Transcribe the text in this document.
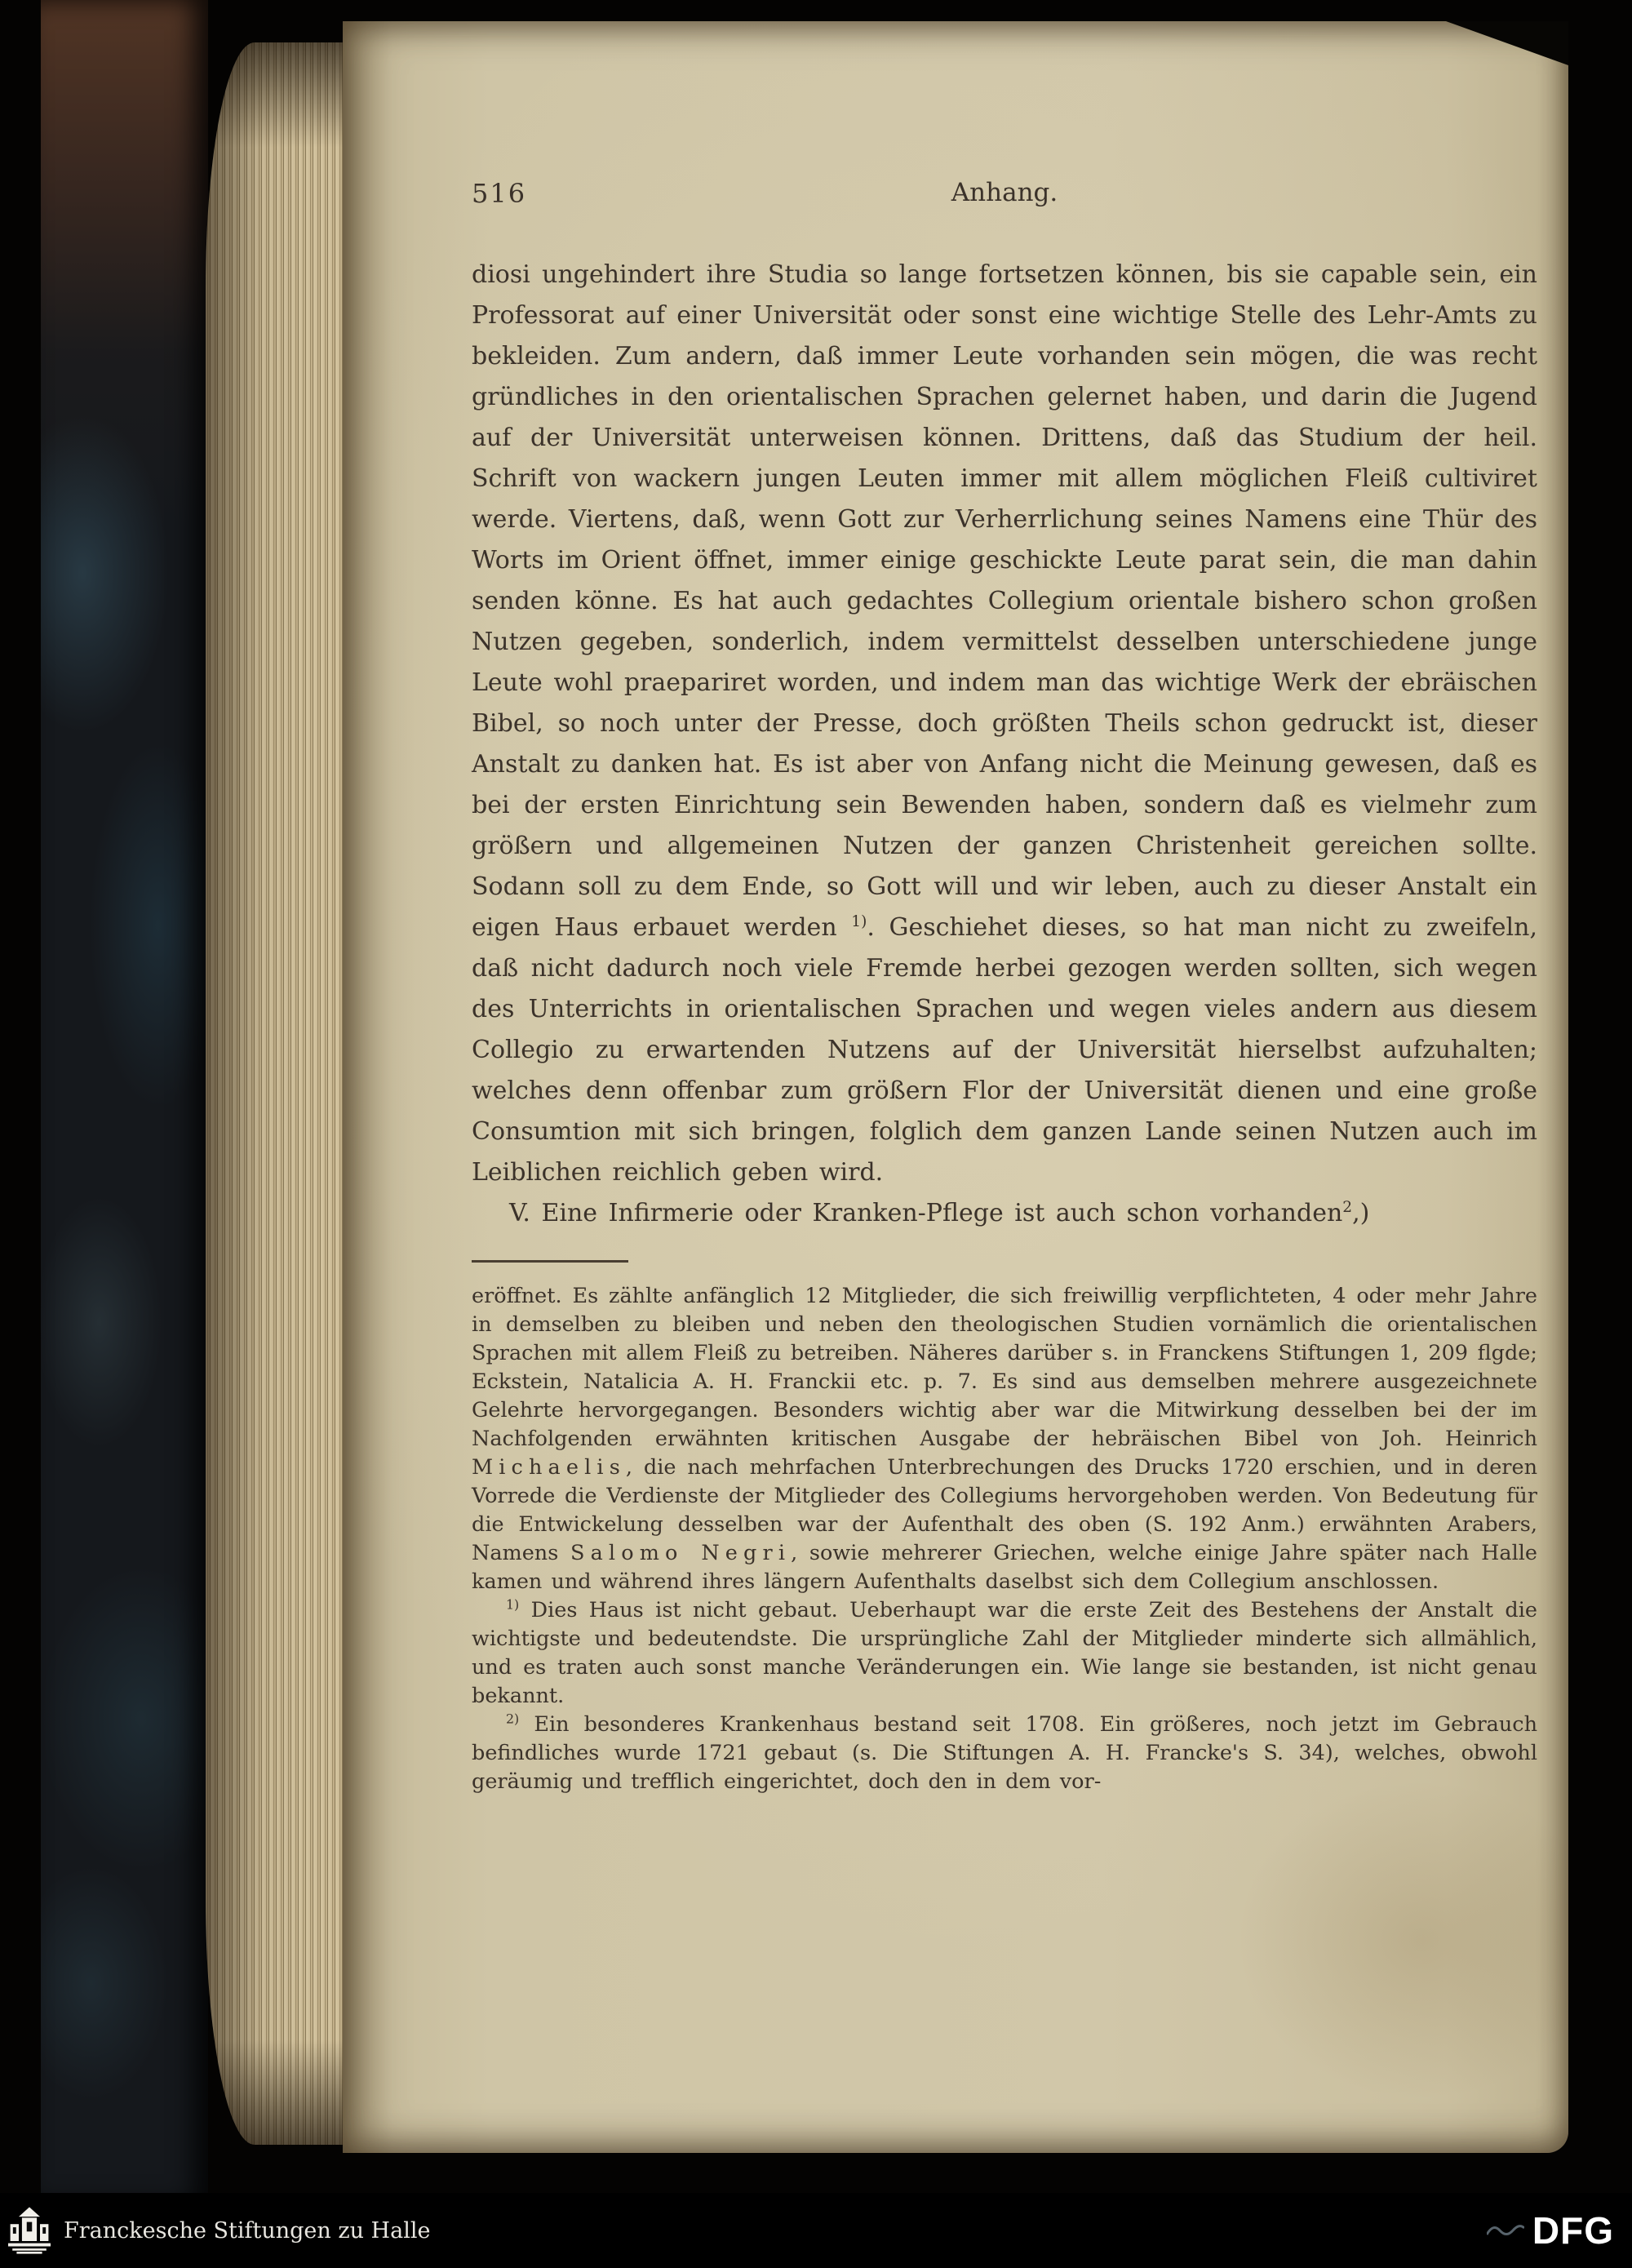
516	Anhang.

diosi ungehindert ihre Studia so lange fortsetzen können, bis sie capable sein, ein Professorat auf einer Universität oder sonst eine wichtige Stelle des Lehr-Amts zu bekleiden. Zum andern, daß immer Leute vorhanden sein mögen, die was recht gründliches in den orientalischen Sprachen gelernet haben, und darin die Jugend auf der Universität unterweisen können. Drittens, daß das Studium der heil. Schrift von wackern jungen Leuten immer mit allem möglichen Fleiß cultiviret werde. Viertens, daß, wenn Gott zur Verherrlichung seines Namens eine Thür des Worts im Orient öffnet, immer einige geschickte Leute parat sein, die man dahin senden könne. Es hat auch gedachtes Collegium orientale bishero schon großen Nutzen gegeben, sonderlich, indem vermittelst desselben unterschiedene junge Leute wohl praepariret worden, und indem man das wichtige Werk der ebräischen Bibel, so noch unter der Presse, doch größten Theils schon gedruckt ist, dieser Anstalt zu danken hat. Es ist aber von Anfang nicht die Meinung gewesen, daß es bei der ersten Einrichtung sein Bewenden haben, sondern daß es vielmehr zum größern und allgemeinen Nutzen der ganzen Christenheit gereichen sollte. Sodann soll zu dem Ende, so Gott will und wir leben, auch zu dieser Anstalt ein eigen Haus erbauet werden $^{1)}$. Geschiehet dieses, so hat man nicht zu zweifeln, daß nicht dadurch noch viele Fremde herbei gezogen werden sollten, sich wegen des Unterrichts in orientalischen Sprachen und wegen vieles andern aus diesem Collegio zu erwartenden Nutzens auf der Universität hierselbst aufzuhalten; welches denn offenbar zum größern Flor der Universität dienen und eine große Consumtion mit sich bringen, folglich dem ganzen Lande seinen Nutzen auch im Leiblichen reichlich geben wird.

V. Eine Infirmerie oder Kranken-Pflege ist auch schon vorhanden$^2$,)

eröffnet. Es zählte anfänglich 12 Mitglieder, die sich freiwillig verpflichteten, 4 oder mehr Jahre in demselben zu bleiben und neben den theologischen Studien vornämlich die orientalischen Sprachen mit allem Fleiß zu betreiben. Näheres darüber s. in Franckens Stiftungen 1, 209 flgde; Eckstein, Natalicia A. H. Franckii etc. p. 7. Es sind aus demselben mehrere ausgezeichnete Gelehrte hervorgegangen. Besonders wichtig aber war die Mitwirkung desselben bei der im Nachfolgenden erwähnten kritischen Ausgabe der hebräischen Bibel von Joh. Heinrich Michaelis, die nach mehrfachen Unterbrechungen des Drucks 1720 erschien, und in deren Vorrede die Verdienste der Mitglieder des Collegiums hervorgehoben werden. Von Bedeutung für die Entwickelung desselben war der Aufenthalt des oben (S. 192 Anm.) erwähnten Arabers, Namens Salomo Negri, sowie mehrerer Griechen, welche einige Jahre später nach Halle kamen und während ihres längern Aufenthalts daselbst sich dem Collegium anschlossen.

$^{1)}$ Dies Haus ist nicht gebaut. Ueberhaupt war die erste Zeit des Bestehens der Anstalt die wichtigste und bedeutendste. Die ursprüngliche Zahl der Mitglieder minderte sich allmählich, und es traten auch sonst manche Veränderungen ein. Wie lange sie bestanden, ist nicht genau bekannt.

$^{2)}$ Ein besonderes Krankenhaus bestand seit 1708. Ein größeres, noch jetzt im Gebrauch befindliches wurde 1721 gebaut (s. Die Stiftungen A. H. Francke's S. 34), welches, obwohl geräumig und trefflich eingerichtet, doch den in dem vor-

Franckesche Stiftungen zu Halle	DFG
